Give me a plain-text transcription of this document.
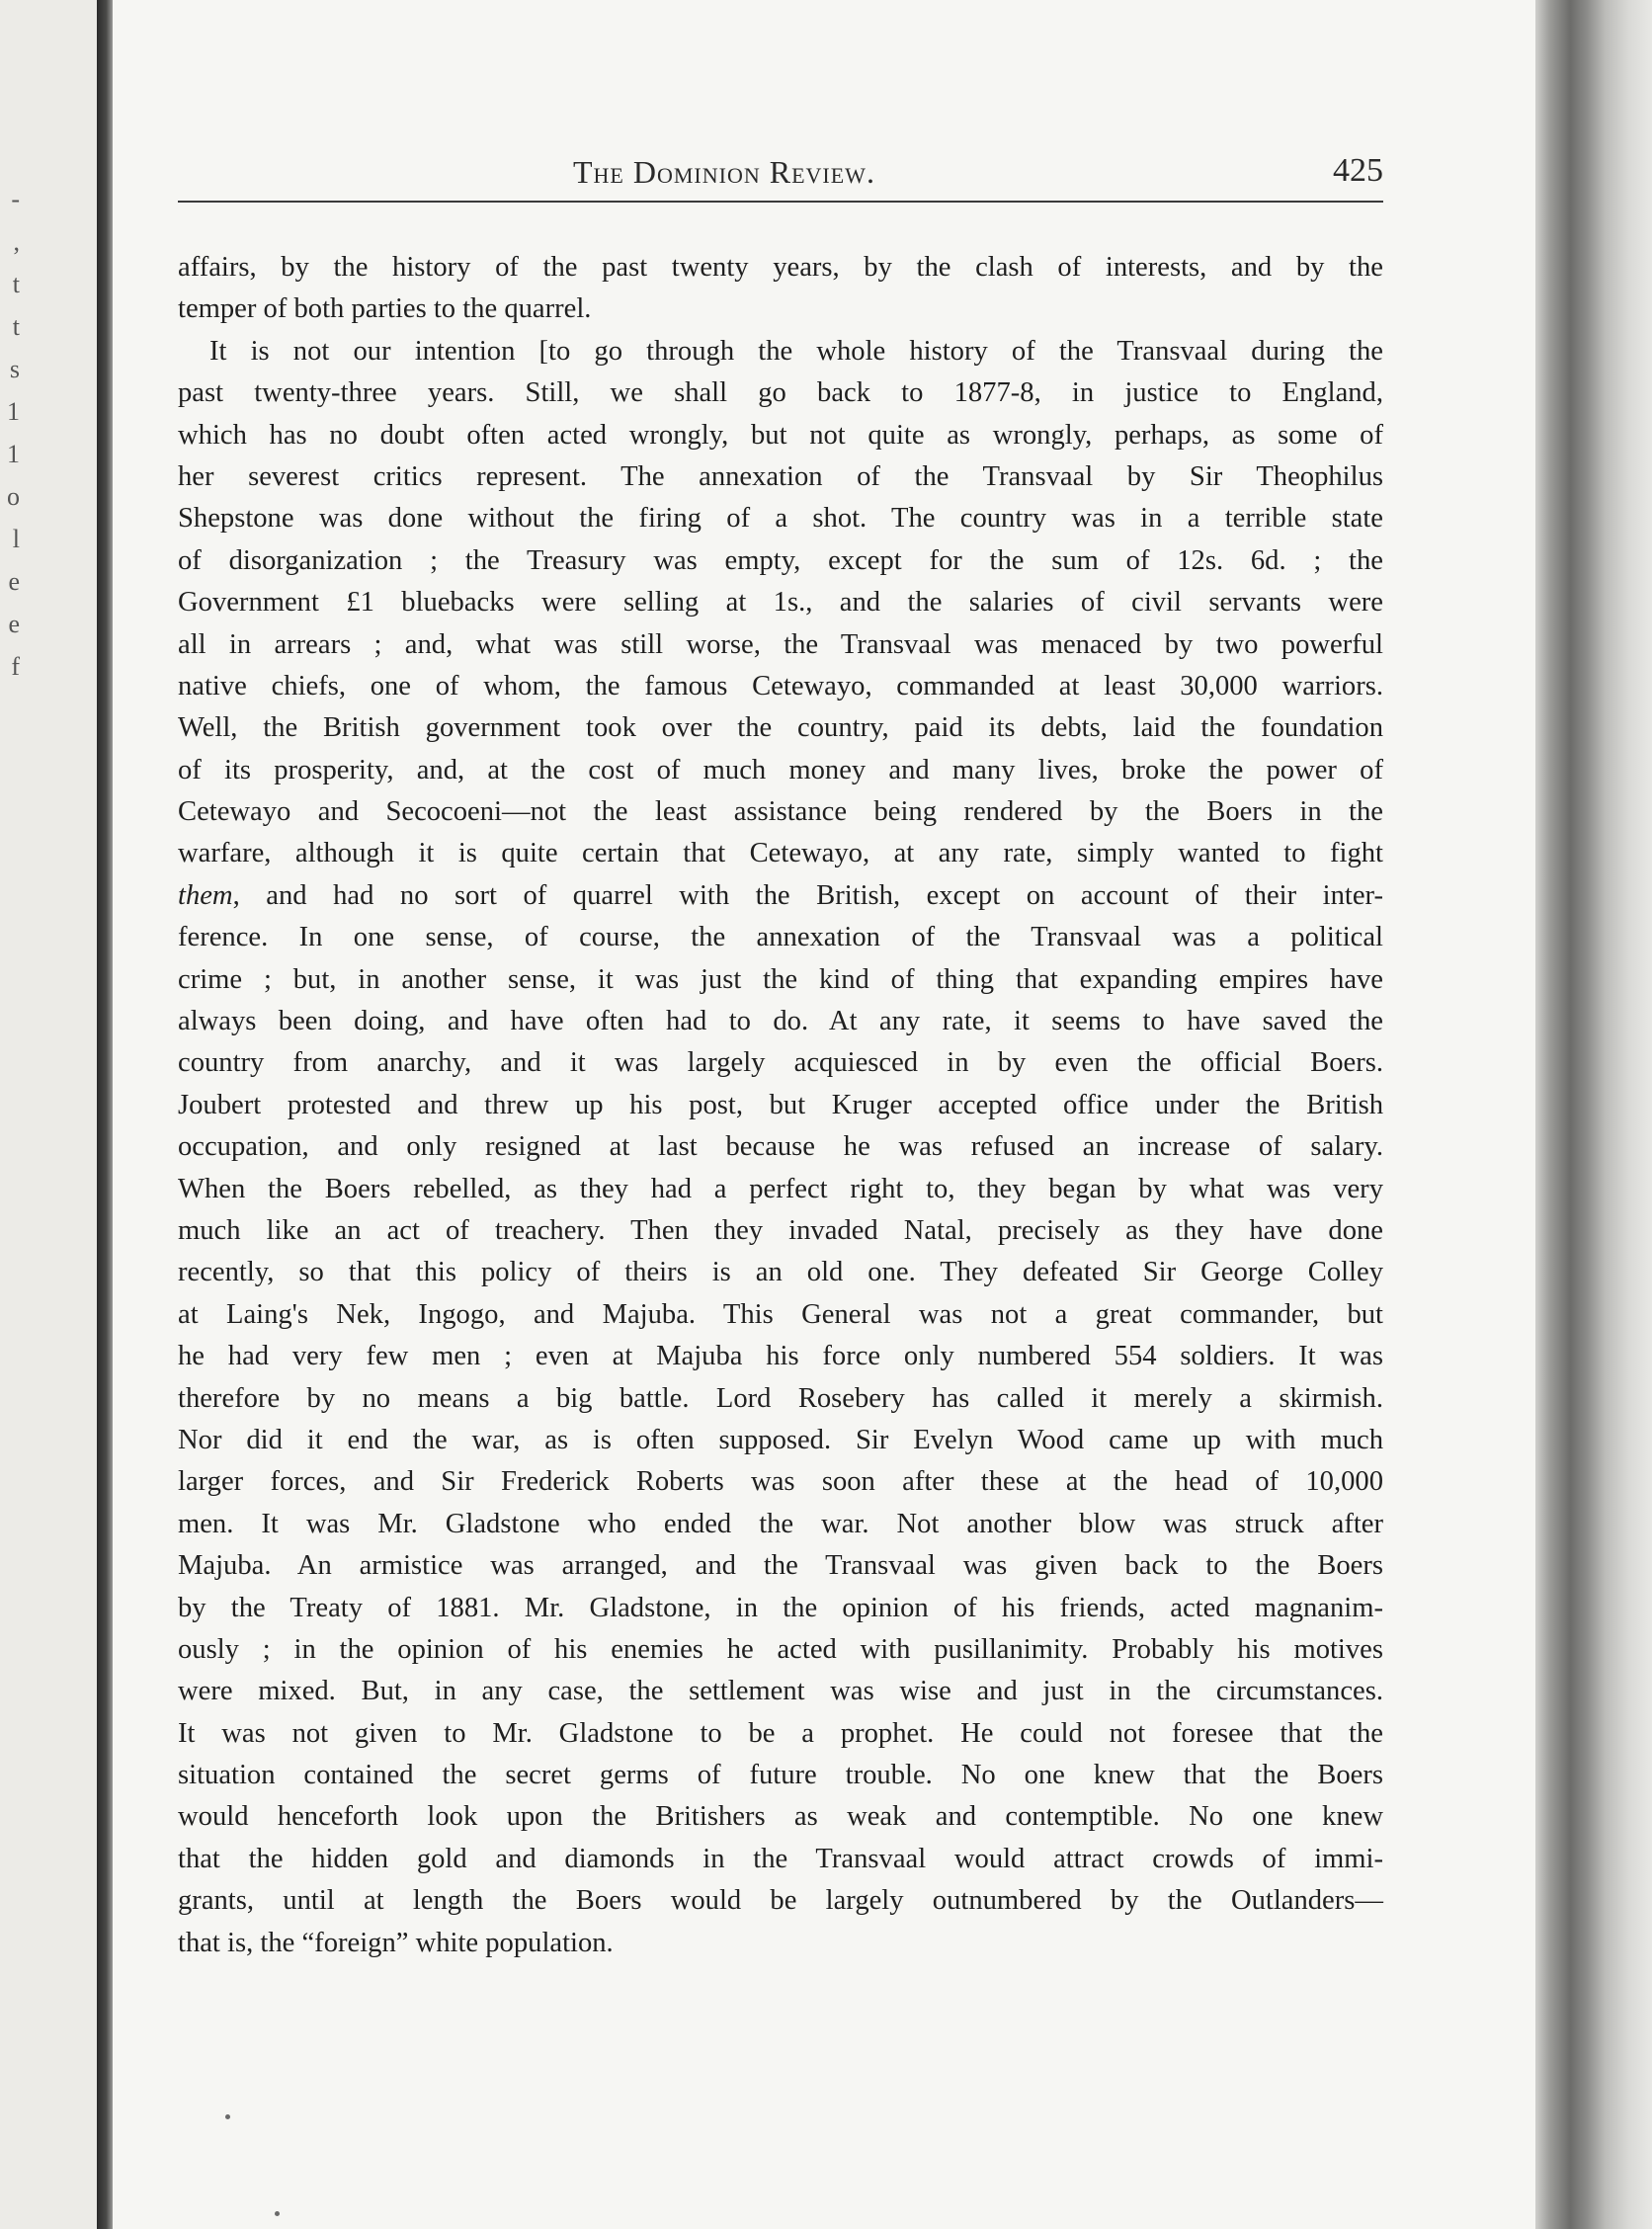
-
,
t
t
s
1
1
o
l
e
e
f
The Dominion Review.	425
affairs, by the history of the past twenty years, by the clash of interests, and by the
temper of both parties to the quarrel.
It is not our intention [to go through the whole history of the Transvaal during the
past twenty-three years. Still, we shall go back to 1877-8, in justice to England,
which has no doubt often acted wrongly, but not quite as wrongly, perhaps, as some of
her severest critics represent. The annexation of the Transvaal by Sir Theophilus
Shepstone was done without the firing of a shot. The country was in a terrible state
of disorganization ; the Treasury was empty, except for the sum of 12s. 6d. ; the
Government £1 bluebacks were selling at 1s., and the salaries of civil servants were
all in arrears ; and, what was still worse, the Transvaal was menaced by two powerful
native chiefs, one of whom, the famous Cetewayo, commanded at least 30,000 warriors.
Well, the British government took over the country, paid its debts, laid the foundation
of its prosperity, and, at the cost of much money and many lives, broke the power of
Cetewayo and Secocoeni—not the least assistance being rendered by the Boers in the
warfare, although it is quite certain that Cetewayo, at any rate, simply wanted to fight
them, and had no sort of quarrel with the British, except on account of their inter-
ference. In one sense, of course, the annexation of the Transvaal was a political
crime ; but, in another sense, it was just the kind of thing that expanding empires have
always been doing, and have often had to do. At any rate, it seems to have saved the
country from anarchy, and it was largely acquiesced in by even the official Boers.
Joubert protested and threw up his post, but Kruger accepted office under the British
occupation, and only resigned at last because he was refused an increase of salary.
When the Boers rebelled, as they had a perfect right to, they began by what was very
much like an act of treachery. Then they invaded Natal, precisely as they have done
recently, so that this policy of theirs is an old one. They defeated Sir George Colley
at Laing's Nek, Ingogo, and Majuba. This General was not a great commander, but
he had very few men ; even at Majuba his force only numbered 554 soldiers. It was
therefore by no means a big battle. Lord Rosebery has called it merely a skirmish.
Nor did it end the war, as is often supposed. Sir Evelyn Wood came up with much
larger forces, and Sir Frederick Roberts was soon after these at the head of 10,000
men. It was Mr. Gladstone who ended the war. Not another blow was struck after
Majuba. An armistice was arranged, and the Transvaal was given back to the Boers
by the Treaty of 1881. Mr. Gladstone, in the opinion of his friends, acted magnanim-
ously ; in the opinion of his enemies he acted with pusillanimity. Probably his motives
were mixed. But, in any case, the settlement was wise and just in the circumstances.
It was not given to Mr. Gladstone to be a prophet. He could not foresee that the
situation contained the secret germs of future trouble. No one knew that the Boers
would henceforth look upon the Britishers as weak and contemptible. No one knew
that the hidden gold and diamonds in the Transvaal would attract crowds of immi-
grants, until at length the Boers would be largely outnumbered by the Outlanders—
that is, the “foreign” white population.
